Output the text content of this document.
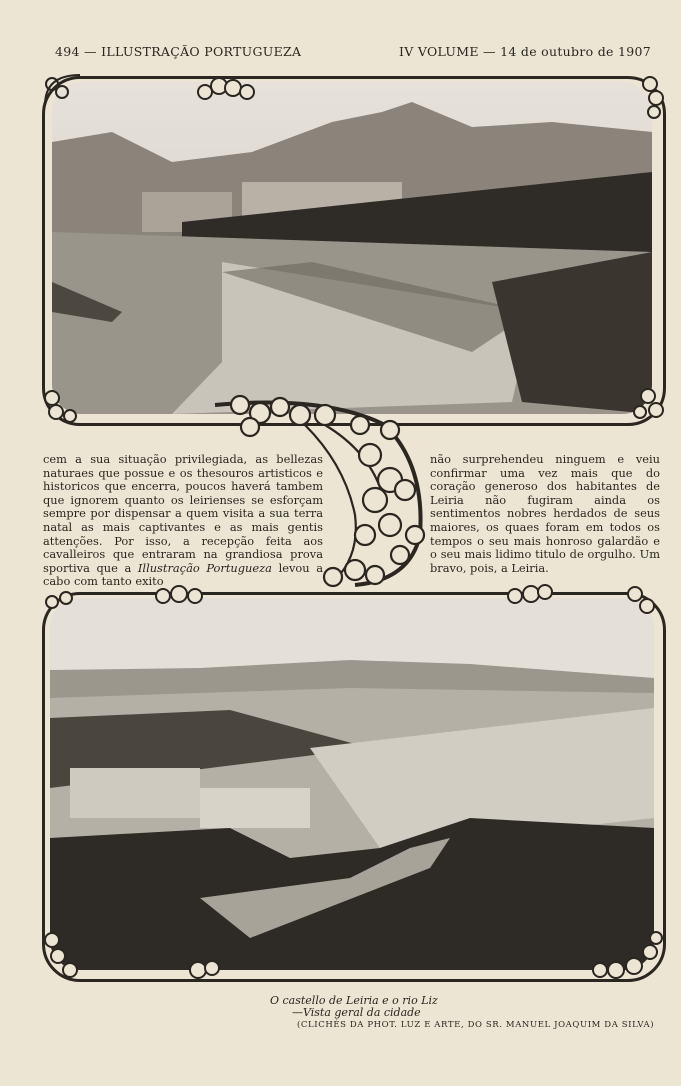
494 — ILLUSTRAÇÃO PORTUGUEZA	IV VOLUME — 14 de outubro de 1907
cem a sua situação privilegiada, as bellezas naturaes que possue e os thesouros artisticos e historicos que encerra, poucos haverá tambem que ignorem quanto os leirienses se esforçam sempre por dispensar a quem visita a sua terra natal as mais captivantes e as mais gentis attenções. Por isso, a recepção feita aos cavalleiros que entraram na grandiosa prova sportiva que a Illustração Portugueza levou a cabo com tanto exito
não surprehendeu ninguem e veiu confirmar uma vez mais que do coração generoso dos habitantes de Leiria não fugiram ainda os sentimentos nobres herdados de seus maiores, os quaes foram em todos os tempos o seu mais honroso galardão e o seu mais lidimo titulo de orgulho. Um bravo, pois, a Leiria.
O castello de Leiria e o rio Liz
—Vista geral da cidade
(CLICHÉS DA PHOT. LUZ E ARTE, DO SR. MANUEL JOAQUIM DA SILVA)
